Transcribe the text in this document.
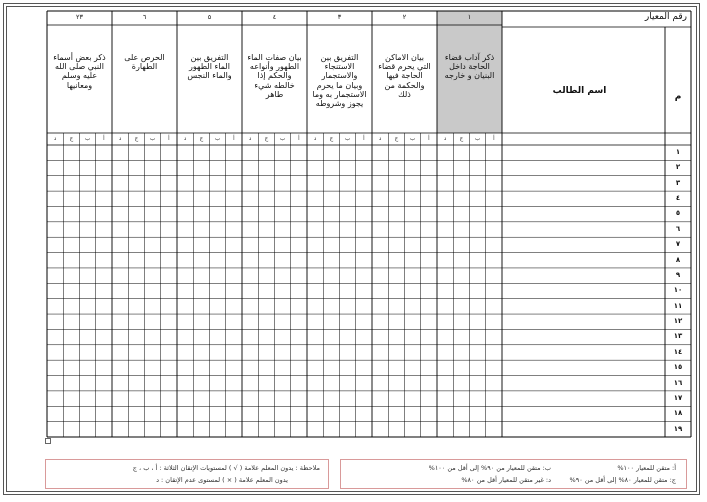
رقم المعيار
اسم الطالب
م
١
ذكر آداب قضاء الحاجة داخل البنيان و خارجه
أ
ب
ج
د
٢
بيان الاماكن التي يحرم قضاء الحاجة فيها والحكمة من ذلك
أ
ب
ج
د
٣
التفريق بين الاستنجاء والاستجمار وبيان ما يحرم الاستجمار به وما يجوز وشروطه
أ
ب
ج
د
٤
بيان صفات الماء الطهور وأنواعه والحكم إذا خالطه شيء طاهر
أ
ب
ج
د
٥
التفريق بين الماء الطهور والماء النجس
أ
ب
ج
د
٦
الحرص على الطهارة
أ
ب
ج
د
٢٣
ذكر بعض أسماء النبي صلى الله عليه وسلم ومعانيها
أ
ب
ج
د
١
٢
٣
٤
٥
٦
٧
٨
٩
١٠
١١
١٢
١٣
١٤
١٥
١٦
١٧
١٨
١٩
أ: متقن للمعيار ١٠٠%
ب: متقن للمعيار من ٩٠% إلى أقل من ١٠٠%
ج: متقن للمعيار ٨٠% إلى أقل من ٩٠%
د: غير متقن للمعيار أقل من ٨٠%
ملاحظة : يدون المعلم علامة ( √ ) لمستويات الإتقان الثلاثة : أ ، ب ، ج
يدون المعلم علامة ( × ) لمستوى عدم الإتقان : د
